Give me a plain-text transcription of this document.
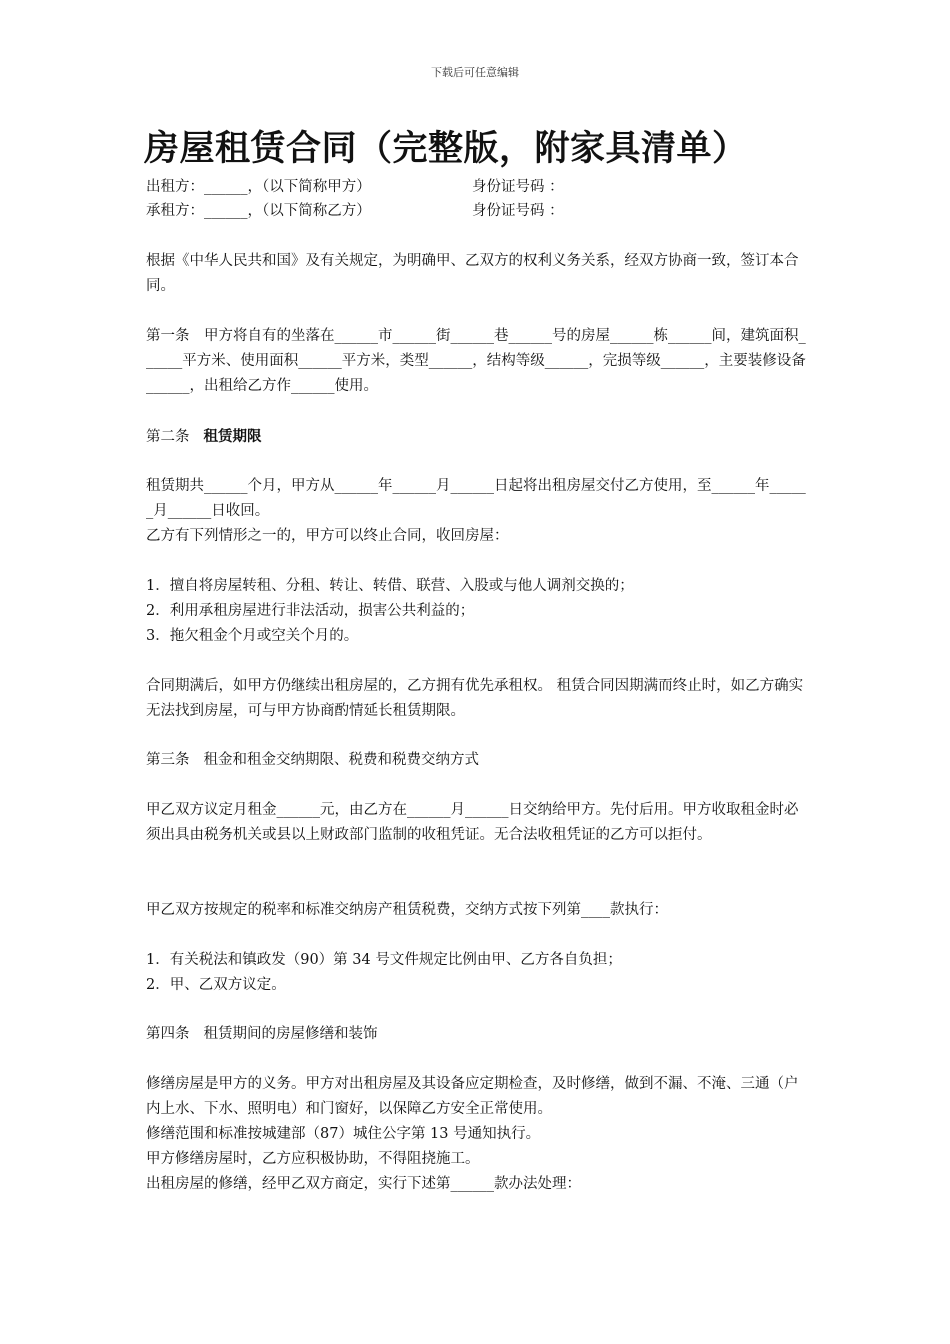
下载后可任意编辑
房屋租赁合同（完整版，附家具清单）
出租方：______，（以下简称甲方）	身份证号码 ：
承租方：______，（以下简称乙方）	身份证号码 ：

根据《中华人民共和国》及有关规定，为明确甲、乙双方的权利义务关系，经双方协商一致，签订本合同。

第一条　甲方将自有的坐落在______市______街______巷______号的房屋______栋______间，建筑面积______平方米、使用面积______平方米，类型______，结构等级______，完损等级______，主要装修设备______，出租给乙方作______使用。

第二条 租赁期限

租赁期共______个月，甲方从______年______月______日起将出租房屋交付乙方使用，至______年______月______日收回。

乙方有下列情形之一的，甲方可以终止合同，收回房屋：

1．擅自将房屋转租、分租、转让、转借、联营、入股或与他人调剂交换的；

2．利用承租房屋进行非法活动，损害公共利益的；

3．拖欠租金个月或空关个月的。

合同期满后，如甲方仍继续出租房屋的，乙方拥有优先承租权。 租赁合同因期满而终止时，如乙方确实无法找到房屋，可与甲方协商酌情延长租赁期限。

第三条 租金和租金交纳期限、税费和税费交纳方式

甲乙双方议定月租金______元，由乙方在______月______日交纳给甲方。先付后用。甲方收取租金时必须出具由税务机关或县以上财政部门监制的收租凭证。无合法收租凭证的乙方可以拒付。

甲乙双方按规定的税率和标准交纳房产租赁税费，交纳方式按下列第____款执行：

1．有关税法和镇政发（90）第 34 号文件规定比例由甲、乙方各自负担；

2．甲、乙双方议定。

第四条 租赁期间的房屋修缮和装饰

修缮房屋是甲方的义务。甲方对出租房屋及其设备应定期检查，及时修缮，做到不漏、不淹、三通（户内上水、下水、照明电）和门窗好，以保障乙方安全正常使用。

修缮范围和标准按城建部（87）城住公字第 13 号通知执行。

甲方修缮房屋时，乙方应积极协助，不得阻挠施工。

出租房屋的修缮，经甲乙双方商定，实行下述第______款办法处理：
